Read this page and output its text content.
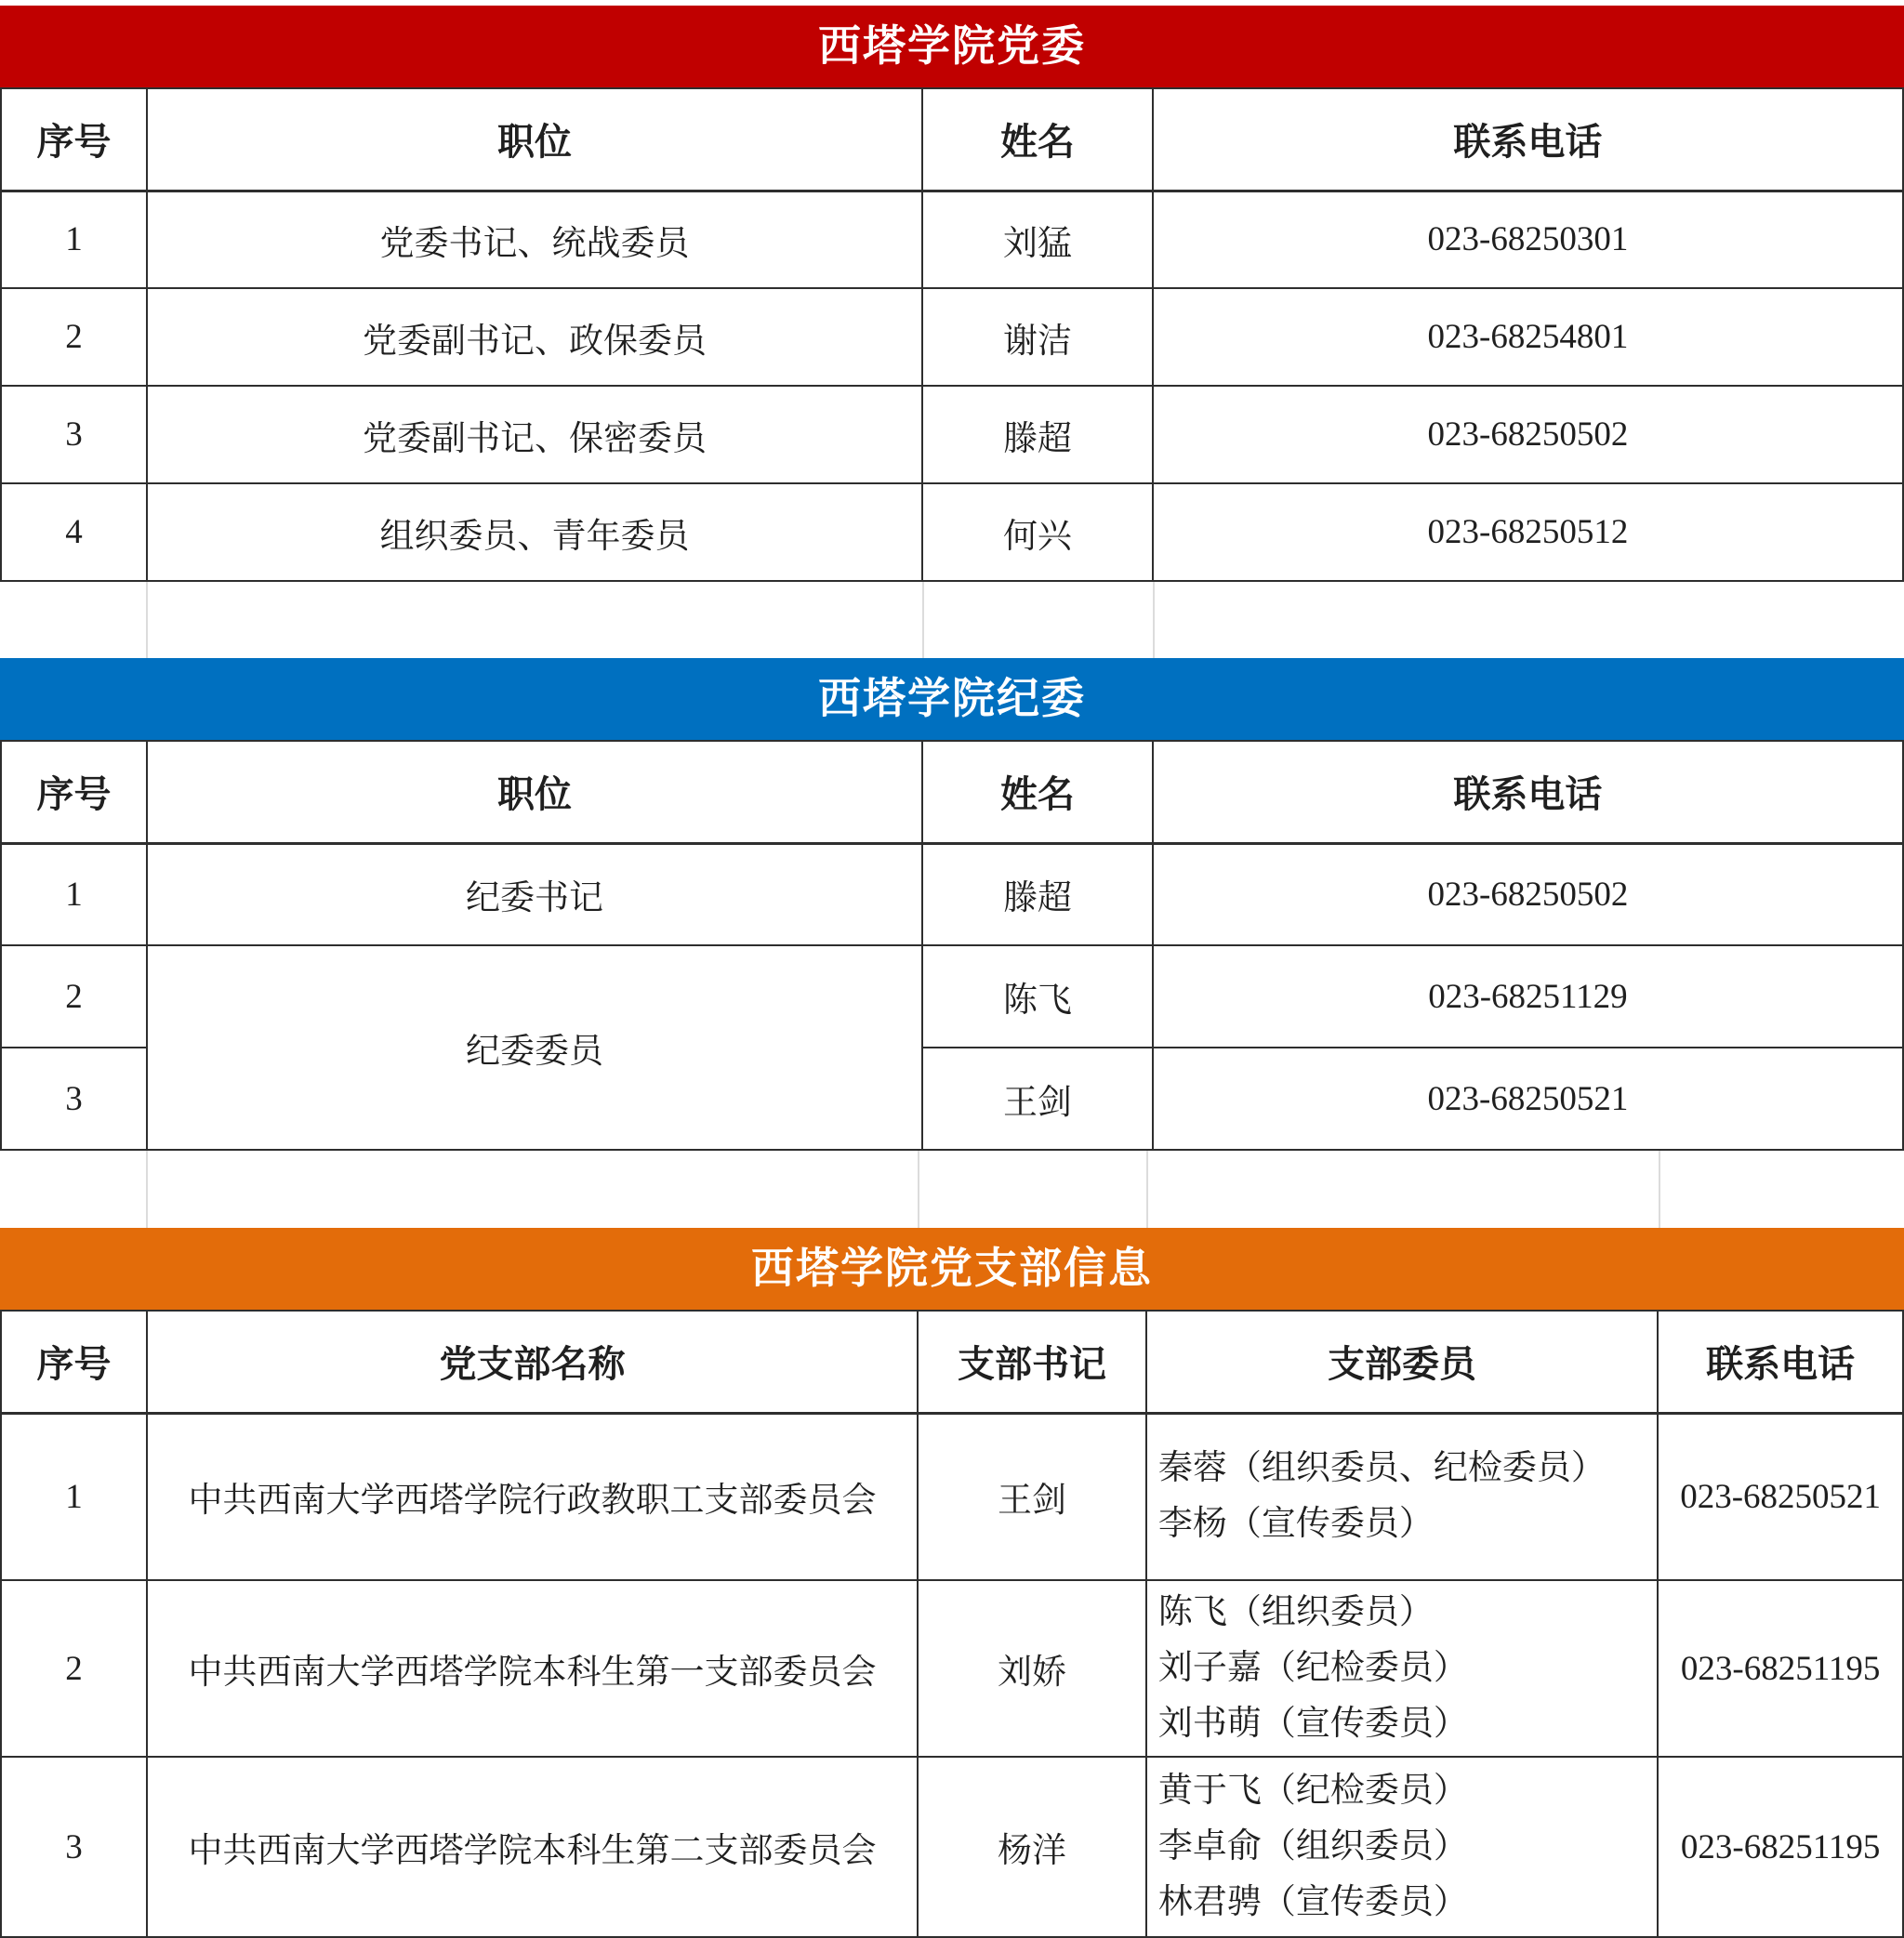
西塔学院党委
序号	职位	姓名	联系电话
1	党委书记、统战委员	刘猛	023-68250301
2	党委副书记、政保委员	谢洁	023-68254801
3	党委副书记、保密委员	滕超	023-68250502
4	组织委员、青年委员	何兴	023-68250512
西塔学院纪委
序号	职位	姓名	联系电话
1	纪委书记	滕超	023-68250502
2	纪委委员	陈飞	023-68251129
3		王剑	023-68250521
西塔学院党支部信息
序号	党支部名称	支部书记	支部委员	联系电话
1	中共西南大学西塔学院行政教职工支部委员会	王剑	秦蓉（组织委员、纪检委员）
李杨（宣传委员）	023-68250521
2	中共西南大学西塔学院本科生第一支部委员会	刘娇	陈飞（组织委员）
刘子嘉（纪检委员）
刘书萌（宣传委员）	023-68251195
3	中共西南大学西塔学院本科生第二支部委员会	杨洋	黄于飞（纪检委员）
李卓俞（组织委员）
林君骋（宣传委员）	023-68251195
